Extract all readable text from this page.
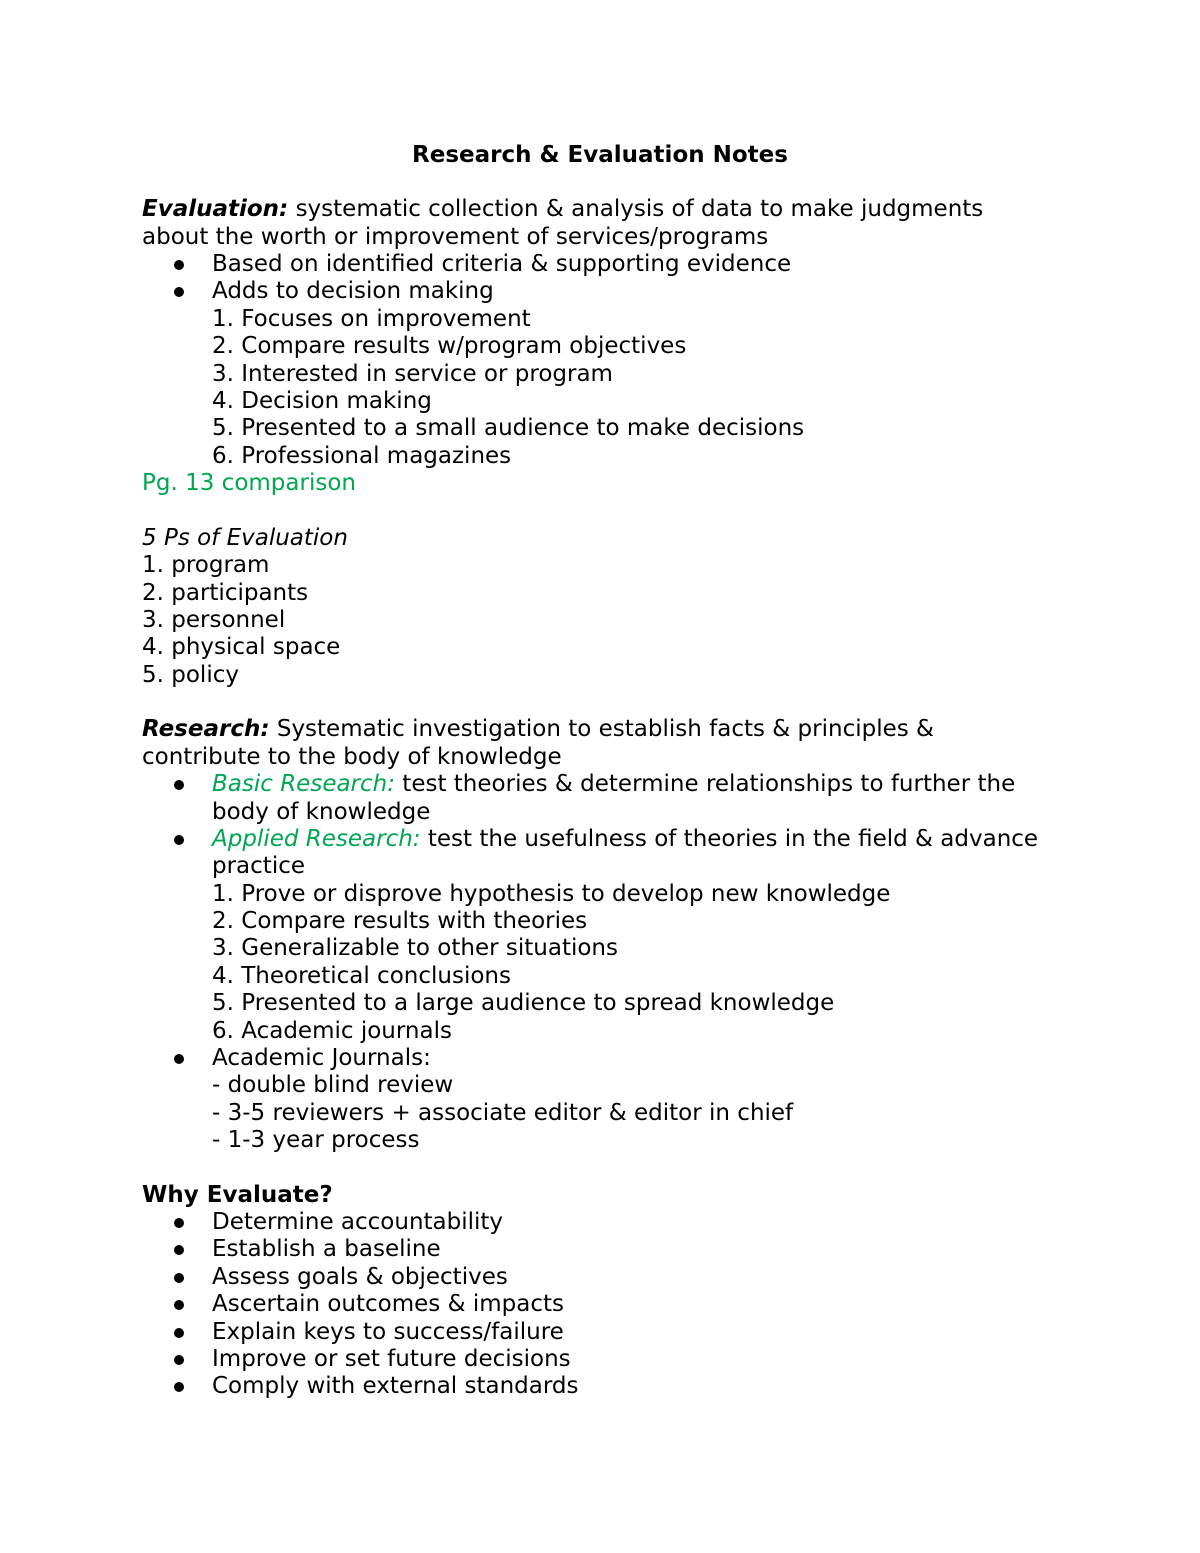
Research & Evaluation Notes
Evaluation: systematic collection & analysis of data to make judgments
about the worth or improvement of services/programs
Based on identified criteria & supporting evidence
Adds to decision making
1. Focuses on improvement
2. Compare results w/program objectives
3. Interested in service or program
4. Decision making
5. Presented to a small audience to make decisions
6. Professional magazines
Pg. 13 comparison
5 Ps of Evaluation
1. program
2. participants
3. personnel
4. physical space
5. policy
Research: Systematic investigation to establish facts & principles &
contribute to the body of knowledge
Basic Research: test theories & determine relationships to further the
body of knowledge
Applied Research: test the usefulness of theories in the field & advance
practice
1. Prove or disprove hypothesis to develop new knowledge
2. Compare results with theories
3. Generalizable to other situations
4. Theoretical conclusions
5. Presented to a large audience to spread knowledge
6. Academic journals
Academic Journals:
- double blind review
- 3-5 reviewers + associate editor & editor in chief
- 1-3 year process
Why Evaluate?
Determine accountability
Establish a baseline
Assess goals & objectives
Ascertain outcomes & impacts
Explain keys to success/failure
Improve or set future decisions
Comply with external standards
